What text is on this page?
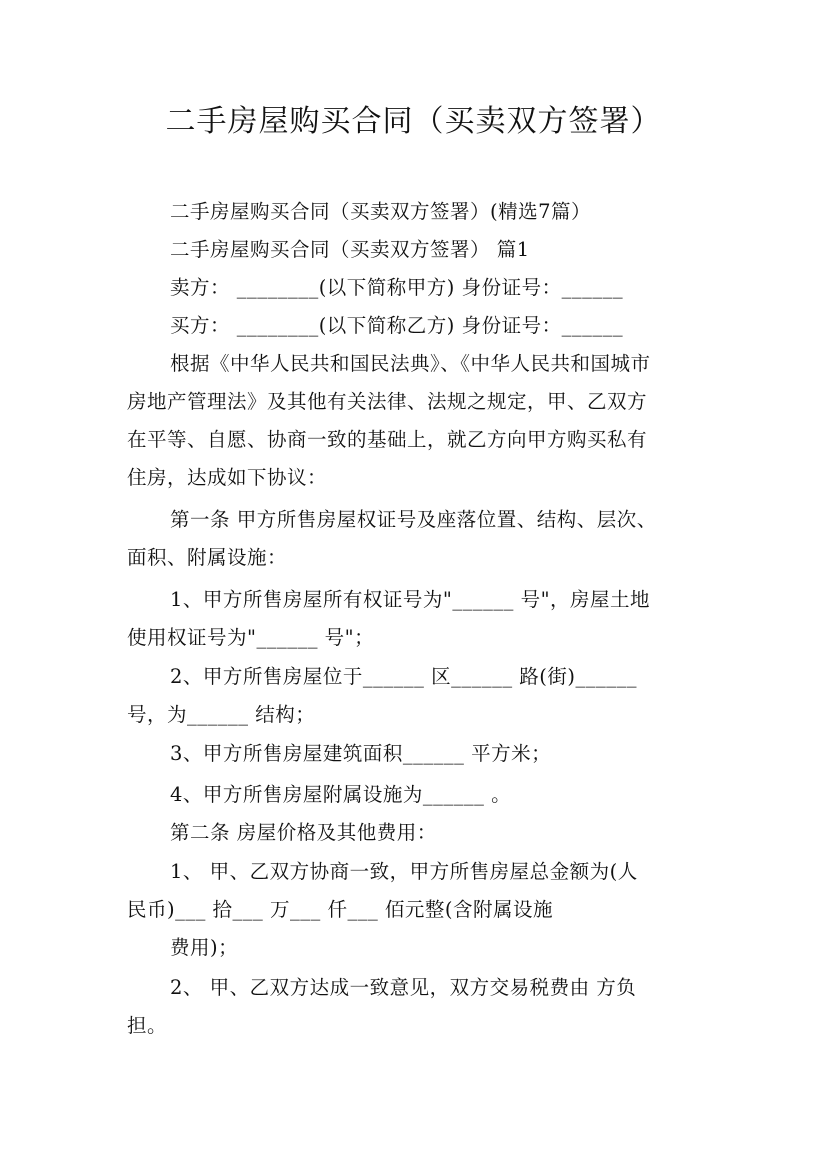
二手房屋购买合同（买卖双方签署）
二手房屋购买合同（买卖双方签署）(精选7篇）
二手房屋购买合同（买卖双方签署） 篇1
卖方： ________(以下简称甲方) 身份证号：______
买方： ________(以下简称乙方) 身份证号：______
根据《中华人民共和国民法典》、《中华人民共和国城市
房地产管理法》及其他有关法律、法规之规定，甲、乙双方
在平等、自愿、协商一致的基础上，就乙方向甲方购买私有
住房，达成如下协议：
第一条 甲方所售房屋权证号及座落位置、结构、层次、
面积、附属设施：
1、甲方所售房屋所有权证号为"______ 号"，房屋土地
使用权证号为"______ 号"；
2、甲方所售房屋位于______ 区______ 路(街)______
号，为______ 结构；
3、甲方所售房屋建筑面积______ 平方米；
4、甲方所售房屋附属设施为______ 。
第二条 房屋价格及其他费用：
1、 甲、乙双方协商一致，甲方所售房屋总金额为(人
民币)___ 拾___ 万___ 仟___ 佰元整(含附属设施
费用)；
2、 甲、乙双方达成一致意见，双方交易税费由 方负
担。
